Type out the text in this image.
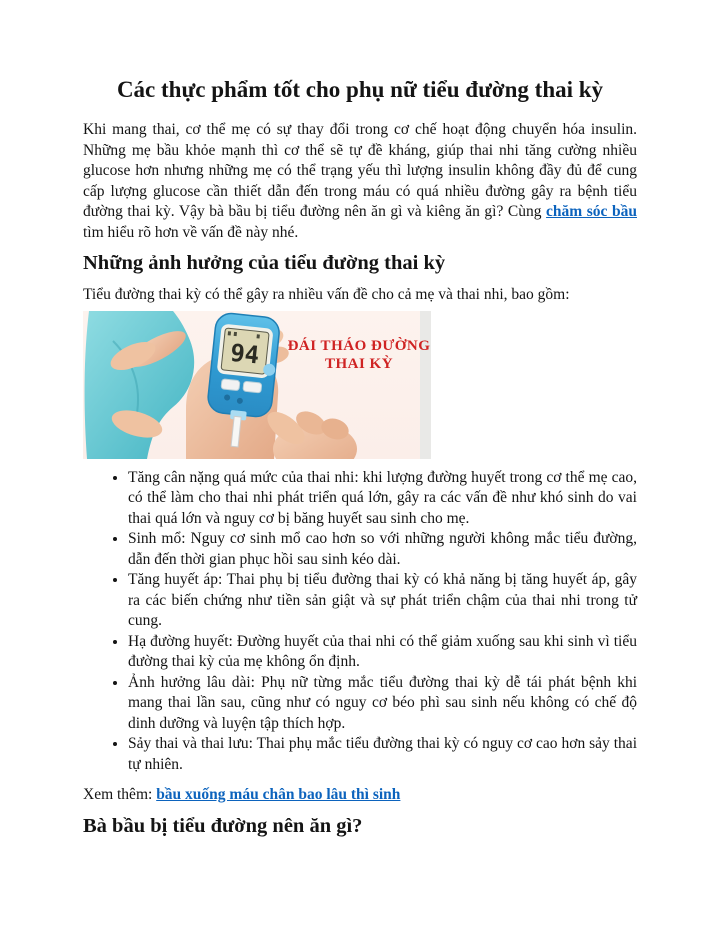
Các thực phẩm tốt cho phụ nữ tiểu đường thai kỳ

Khi mang thai, cơ thể mẹ có sự thay đổi trong cơ chế hoạt động chuyển hóa insulin. Những mẹ bầu khỏe mạnh thì cơ thể sẽ tự đề kháng, giúp thai nhi tăng cường nhiều glucose hơn nhưng những mẹ có thể trạng yếu thì lượng insulin không đầy đủ để cung cấp lượng glucose cần thiết dẫn đến trong máu có quá nhiều đường gây ra bệnh tiểu đường thai kỳ. Vậy bà bầu bị tiểu đường nên ăn gì và kiêng ăn gì? Cùng chăm sóc bầu tìm hiểu rõ hơn về vấn đề này nhé.

Những ảnh hưởng của tiểu đường thai kỳ

Tiểu đường thai kỳ có thể gây ra nhiều vấn đề cho cả mẹ và thai nhi, bao gồm:

94 ĐÁI THÁO ĐƯỜNG
THAI KỲ
• Tăng cân nặng quá mức của thai nhi: khi lượng đường huyết trong cơ thể mẹ cao, có thể làm cho thai nhi phát triển quá lớn, gây ra các vấn đề như khó sinh do vai thai quá lớn và nguy cơ bị băng huyết sau sinh cho mẹ.
• Sinh mổ: Nguy cơ sinh mổ cao hơn so với những người không mắc tiểu đường, dẫn đến thời gian phục hồi sau sinh kéo dài.
• Tăng huyết áp: Thai phụ bị tiểu đường thai kỳ có khả năng bị tăng huyết áp, gây ra các biến chứng như tiền sản giật và sự phát triển chậm của thai nhi trong tử cung.
• Hạ đường huyết: Đường huyết của thai nhi có thể giảm xuống sau khi sinh vì tiểu đường thai kỳ của mẹ không ổn định.
• Ảnh hưởng lâu dài: Phụ nữ từng mắc tiểu đường thai kỳ dễ tái phát bệnh khi mang thai lần sau, cũng như có nguy cơ béo phì sau sinh nếu không có chế độ dinh dưỡng và luyện tập thích hợp.
• Sảy thai và thai lưu: Thai phụ mắc tiểu đường thai kỳ có nguy cơ cao hơn sảy thai tự nhiên.

Xem thêm: bầu xuống máu chân bao lâu thì sinh

Bà bầu bị tiểu đường nên ăn gì?
